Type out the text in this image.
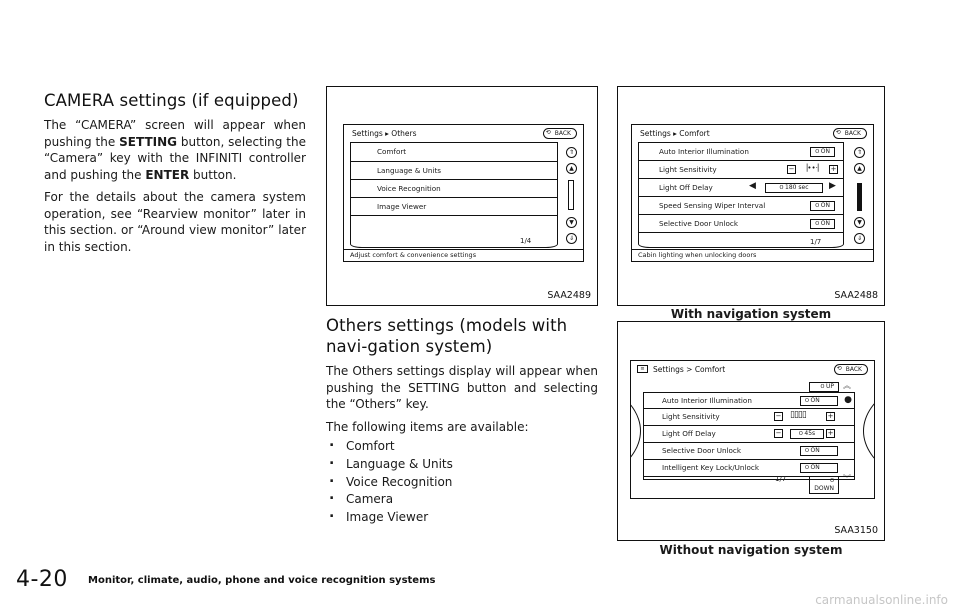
CAMERA settings (if equipped)

The “CAMERA” screen will appear when pushing the SETTING button, selecting the “Camera” key with the INFINITI controller and pushing the ENTER button.

For the details about the camera system operation, see “Rearview monitor” later in this section. or “Around view monitor” later in this section.

Settings ▸ Others	⟲ BACK
Comfort
Language & Units
Voice Recognition
Image Viewer
1/4
⇑
▲
▼
⇓
Adjust comfort & convenience settings
SAA2489
Others settings (models with navi-gation system)

The Others settings display will appear when pushing the SETTING button and selecting the “Others” key.

The following items are available:

. Comfort
. Language & Units
. Voice Recognition
. Camera
. Image Viewer
Settings ▸ Comfort	⟲ BACK
Auto Interior Illumination	O ON
Light Sensitivity	− ▕••·▏ +
Light Off Delay	◀	O 180 sec	▶
Speed Sensing Wiper Interval	O ON
Selective Door Unlock	O ON
1/7
⇑
▲
▼
⇓
Cabin lighting when unlocking doors
SAA2488
With navigation system
≡	Settings > Comfort	⟲ BACK
O UP	︽
Auto Interior Illumination	O ON	●
Light Sensitivity	− ▯▯▯▯	+
Light Off Delay	−	O 45s	+
Selective Door Unlock	O ON
Intelligent Key Lock/Unlock	O ON
1/7
O DOWN
︾
SAA3150
Without navigation system
4-20 Monitor, climate, audio, phone and voice recognition systems
carmanualsonline.info
